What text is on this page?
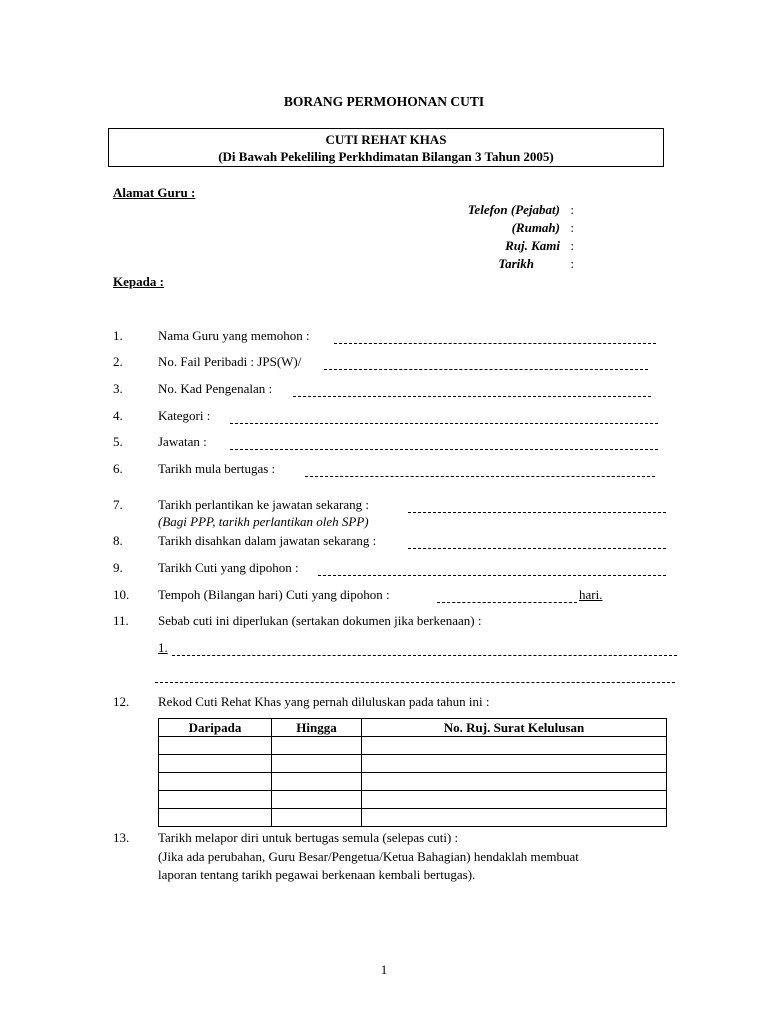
BORANG PERMOHONAN CUTI
CUTI REHAT KHAS
(Di Bawah Pekeliling Perkhdimatan Bilangan 3 Tahun 2005)
Alamat Guru :
Telefon (Pejabat) :
(Rumah) :
Ruj. Kami :
Tarikh	:
Kepada :
1.	Nama Guru yang memohon :
2.	No. Fail Peribadi : JPS(W)/
3.	No. Kad Pengenalan :
4.	Kategori :
5.	Jawatan :
6.	Tarikh mula bertugas :
7.	Tarikh perlantikan ke jawatan sekarang :
(Bagi PPP, tarikh perlantikan oleh SPP)
8.	Tarikh disahkan dalam jawatan sekarang :
9.	Tarikh Cuti yang dipohon :
10. Tempoh (Bilangan hari) Cuti yang dipohon :	hari.
11. Sebab cuti ini diperlukan (sertakan dokumen jika berkenaan) :
1.
12. Rekod Cuti Rehat Khas yang pernah diluluskan pada tahun ini :
Daripada	Hingga	No. Ruj. Surat Kelulusan

13. Tarikh melapor diri untuk bertugas semula (selepas cuti) :
(Jika ada perubahan, Guru Besar/Pengetua/Ketua Bahagian) hendaklah membuat
laporan tentang tarikh pegawai berkenaan kembali bertugas).
1
